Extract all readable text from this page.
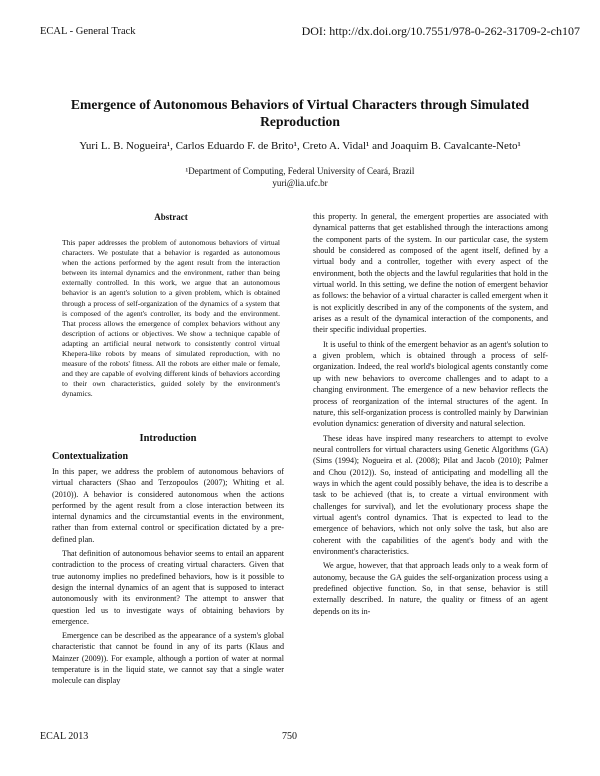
ECAL - General Track	DOI: http://dx.doi.org/10.7551/978-0-262-31709-2-ch107
Emergence of Autonomous Behaviors of Virtual Characters through Simulated Reproduction
Yuri L. B. Nogueira¹, Carlos Eduardo F. de Brito¹, Creto A. Vidal¹ and Joaquim B. Cavalcante-Neto¹
¹Department of Computing, Federal University of Ceará, Brazil
yuri@lia.ufc.br
Abstract
This paper addresses the problem of autonomous behaviors of virtual characters. We postulate that a behavior is regarded as autonomous when the actions performed by the agent result from the interaction between its internal dynamics and the environment, rather than being externally controlled. In this work, we argue that an autonomous behavior is an agent's solution to a given problem, which is obtained through a process of self-organization of the dynamics of a system that is composed of the agent's controller, its body and the environment. That process allows the emergence of complex behaviors without any description of actions or objectives. We show a technique capable of adapting an artificial neural network to consistently control virtual Khepera-like robots by means of simulated reproduction, with no measure of the robots' fitness. All the robots are either male or female, and they are capable of evolving different kinds of behaviors according to their own characteristics, guided solely by the environment's dynamics.
Introduction
Contextualization

In this paper, we address the problem of autonomous behaviors of virtual characters (Shao and Terzopoulos (2007); Whiting et al. (2010)). A behavior is considered autonomous when the actions performed by the agent result from a close interaction between its internal dynamics and the circumstantial events in the environment, rather than from external control or specification dictated by a pre-defined plan.

That definition of autonomous behavior seems to entail an apparent contradiction to the process of creating virtual characters. Given that true autonomy implies no predefined behaviors, how is it possible to design the internal dynamics of an agent that is supposed to interact autonomously with its environment? The attempt to answer that question led us to investigate ways of obtaining behaviors by emergence.

Emergence can be described as the appearance of a system's global characteristic that cannot be found in any of its parts (Klaus and Mainzer (2009)). For example, although a portion of water at normal temperature is in the liquid state, we cannot say that a single water molecule can display

this property. In general, the emergent properties are associated with dynamical patterns that get established through the interactions among the component parts of the system. In our particular case, the system should be considered as composed of the agent itself, defined by a virtual body and a controller, together with every aspect of the environment, both the objects and the lawful regularities that hold in the virtual world. In this setting, we define the notion of emergent behavior as follows: the behavior of a virtual character is called emergent when it is not explicitly described in any of the components of the system, and arises as a result of the dynamical interaction of the components, and their specific individual properties.

It is useful to think of the emergent behavior as an agent's solution to a given problem, which is obtained through a process of self-organization. Indeed, the real world's biological agents constantly come up with new behaviors to overcome challenges and to adapt to a changing environment. The emergence of a new behavior reflects the process of reorganization of the internal structures of the agent. In nature, this self-organization process is controlled mainly by Darwinian evolution dynamics: generation of diversity and natural selection.

These ideas have inspired many researchers to attempt to evolve neural controllers for virtual characters using Genetic Algorithms (GA) (Sims (1994); Nogueira et al. (2008); Pilat and Jacob (2010); Palmer and Chou (2012)). So, instead of anticipating and modelling all the ways in which the agent could possibly behave, the idea is to describe a task to be achieved (that is, to create a virtual environment with challenges for survival), and let the evolutionary process shape the virtual agent's control dynamics. That is expected to lead to the emergence of behaviors, which not only solve the task, but also are coherent with the capabilities of the agent's body and with the environment's characteristics.

We argue, however, that that approach leads only to a weak form of autonomy, because the GA guides the self-organization process using a predefined objective function. So, in that sense, behavior is still externally described. In nature, the quality or fitness of an agent depends on its in-

ECAL 2013	750
